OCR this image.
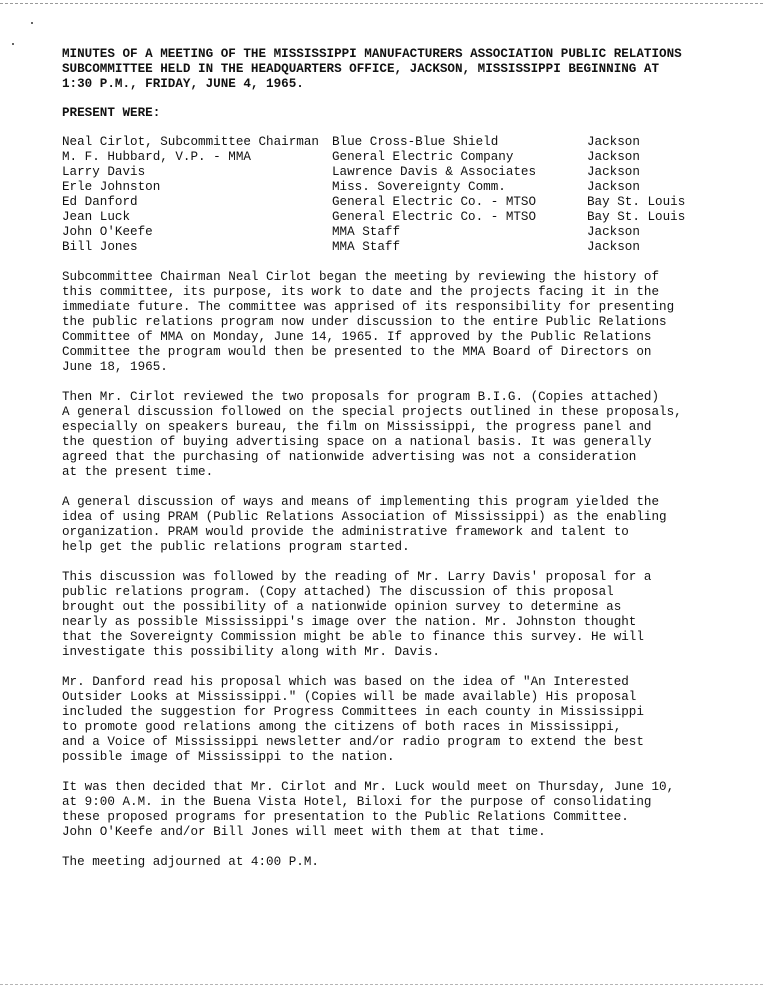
MINUTES OF A MEETING OF THE MISSISSIPPI MANUFACTURERS ASSOCIATION PUBLIC RELATIONS
SUBCOMMITTEE HELD IN THE HEADQUARTERS OFFICE, JACKSON, MISSISSIPPI BEGINNING AT
1:30 P.M., FRIDAY, JUNE 4, 1965.
PRESENT WERE:
Neal Cirlot, Subcommittee Chairman	Blue Cross-Blue Shield	Jackson
M. F. Hubbard, V.P. - MMA	General Electric Company	Jackson
Larry Davis	Lawrence Davis & Associates	Jackson
Erle Johnston	Miss. Sovereignty Comm.	Jackson
Ed Danford	General Electric Co. - MTSO	Bay St. Louis
Jean Luck	General Electric Co. - MTSO	Bay St. Louis
John O'Keefe	MMA Staff	Jackson
Bill Jones	MMA Staff	Jackson
Subcommittee Chairman Neal Cirlot began the meeting by reviewing the history of
this committee, its purpose, its work to date and the projects facing it in the
immediate future. The committee was apprised of its responsibility for presenting
the public relations program now under discussion to the entire Public Relations
Committee of MMA on Monday, June 14, 1965. If approved by the Public Relations
Committee the program would then be presented to the MMA Board of Directors on
June 18, 1965.
Then Mr. Cirlot reviewed the two proposals for program B.I.G. (Copies attached)
A general discussion followed on the special projects outlined in these proposals,
especially on speakers bureau, the film on Mississippi, the progress panel and
the question of buying advertising space on a national basis. It was generally
agreed that the purchasing of nationwide advertising was not a consideration
at the present time.
A general discussion of ways and means of implementing this program yielded the
idea of using PRAM (Public Relations Association of Mississippi) as the enabling
organization. PRAM would provide the administrative framework and talent to
help get the public relations program started.
This discussion was followed by the reading of Mr. Larry Davis' proposal for a
public relations program. (Copy attached) The discussion of this proposal
brought out the possibility of a nationwide opinion survey to determine as
nearly as possible Mississippi's image over the nation. Mr. Johnston thought
that the Sovereignty Commission might be able to finance this survey. He will
investigate this possibility along with Mr. Davis.
Mr. Danford read his proposal which was based on the idea of "An Interested
Outsider Looks at Mississippi." (Copies will be made available) His proposal
included the suggestion for Progress Committees in each county in Mississippi
to promote good relations among the citizens of both races in Mississippi,
and a Voice of Mississippi newsletter and/or radio program to extend the best
possible image of Mississippi to the nation.
It was then decided that Mr. Cirlot and Mr. Luck would meet on Thursday, June 10,
at 9:00 A.M. in the Buena Vista Hotel, Biloxi for the purpose of consolidating
these proposed programs for presentation to the Public Relations Committee.
John O'Keefe and/or Bill Jones will meet with them at that time.
The meeting adjourned at 4:00 P.M.
